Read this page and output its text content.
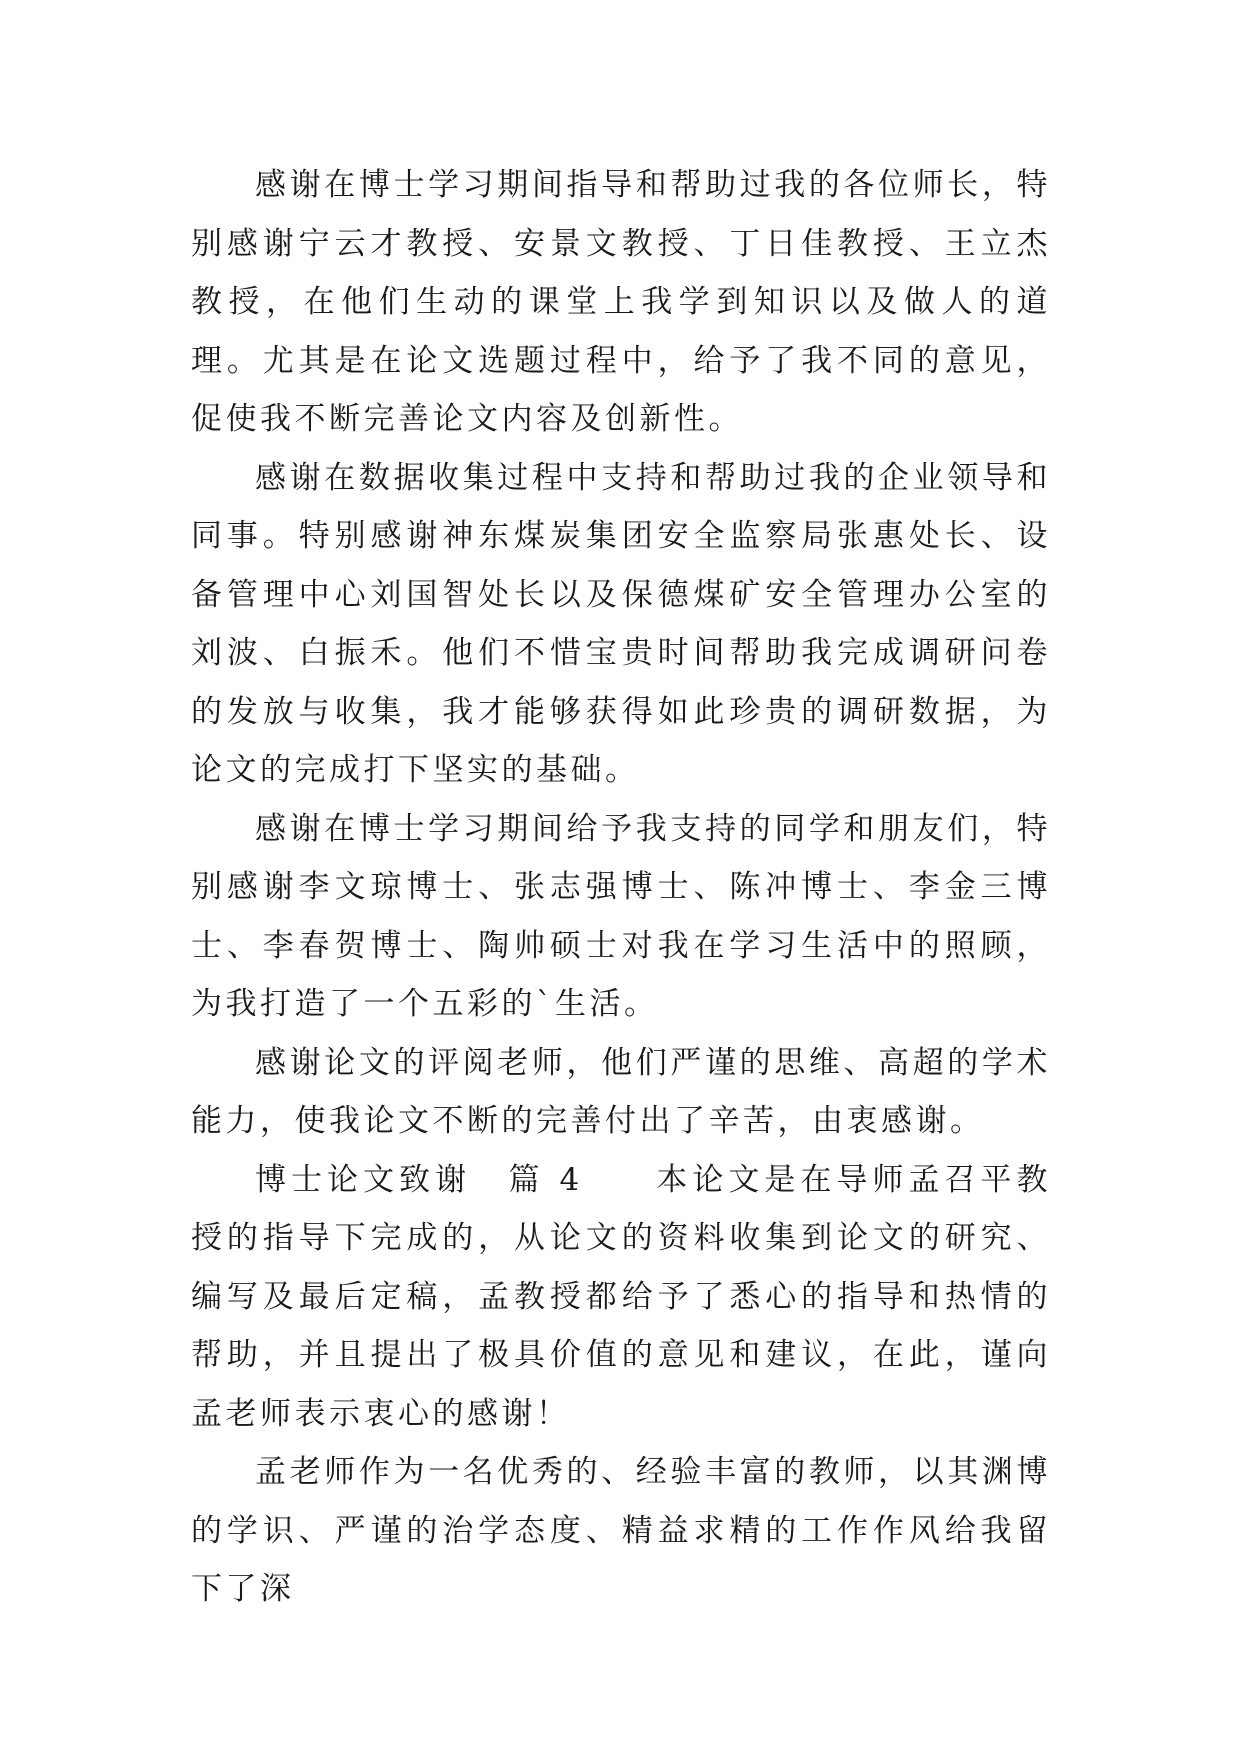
感谢在博士学习期间指导和帮助过我的各位师长，特别感谢宁云才教授、安景文教授、丁日佳教授、王立杰教授，在他们生动的课堂上我学到知识以及做人的道理。尤其是在论文选题过程中，给予了我不同的意见，促使我不断完善论文内容及创新性。

感谢在数据收集过程中支持和帮助过我的企业领导和同事。特别感谢神东煤炭集团安全监察局张惠处长、设备管理中心刘国智处长以及保德煤矿安全管理办公室的刘波、白振禾。他们不惜宝贵时间帮助我完成调研问卷的发放与收集，我才能够获得如此珍贵的调研数据，为论文的完成打下坚实的基础。

感谢在博士学习期间给予我支持的同学和朋友们，特别感谢李文琼博士、张志强博士、陈冲博士、李金三博士、李春贺博士、陶帅硕士对我在学习生活中的照顾，为我打造了一个五彩的`生活。

感谢论文的评阅老师，他们严谨的思维、高超的学术能力，使我论文不断的完善付出了辛苦，由衷感谢。

博士论文致谢 篇 4 本论文是在导师孟召平教授的指导下完成的，从论文的资料收集到论文的研究、编写及最后定稿，孟教授都给予了悉心的指导和热情的帮助，并且提出了极具价值的意见和建议，在此，谨向孟老师表示衷心的感谢！

孟老师作为一名优秀的、经验丰富的教师，以其渊博的学识、严谨的治学态度、精益求精的工作作风给我留下了深
